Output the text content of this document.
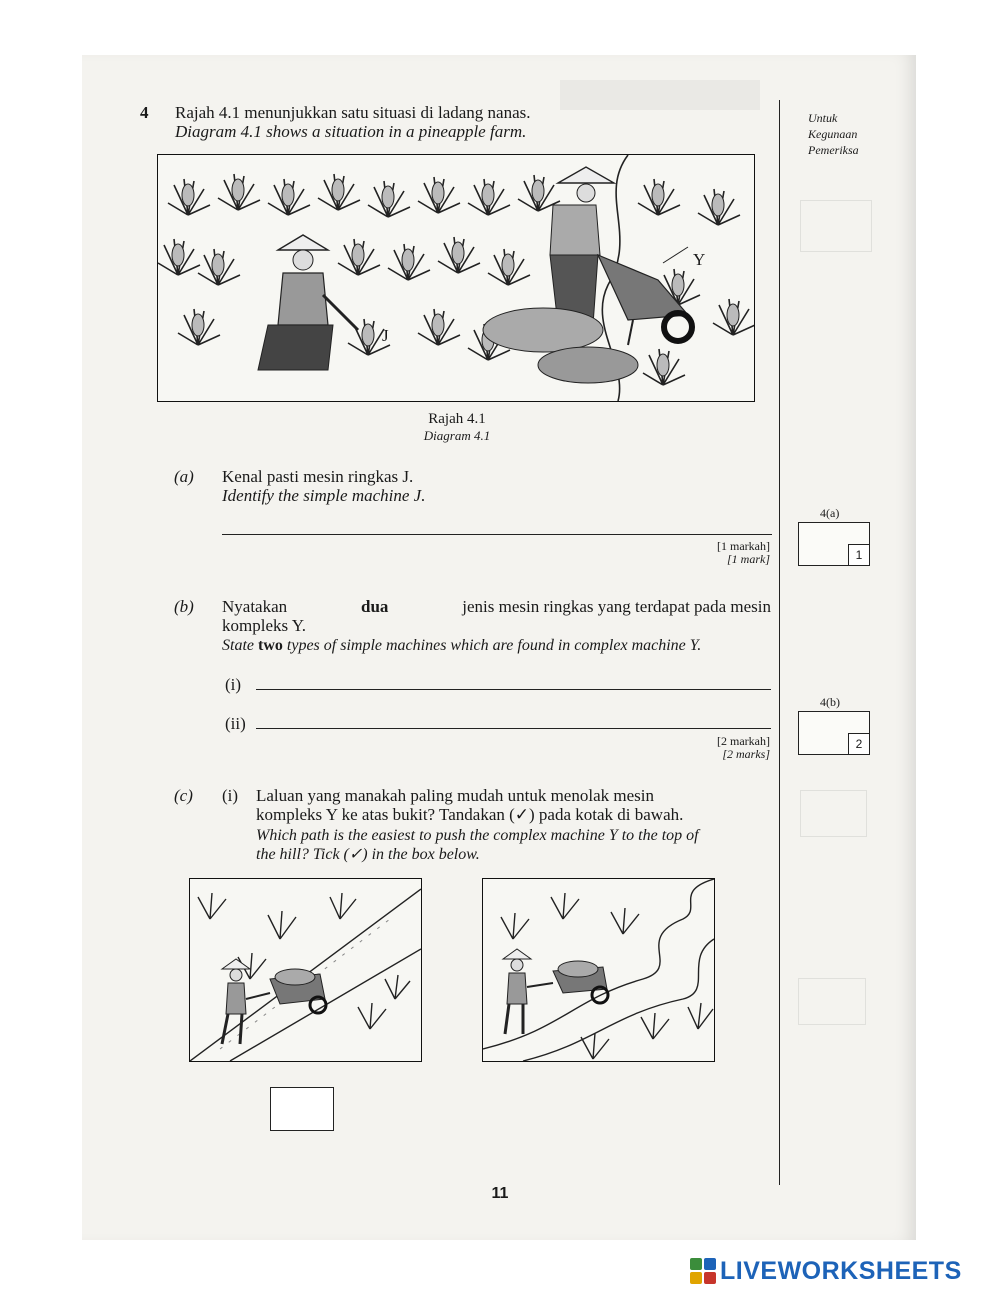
4 Rajah 4.1 menunjukkan satu situasi di ladang nanas.
Diagram 4.1 shows a situation in a pineapple farm.
Untuk
Kegunaan
Pemeriksa
J
Y
Rajah 4.1
Diagram 4.1
(a) Kenal pasti mesin ringkas J.
Identify the simple machine J.
[1 markah]
[1 mark]
4(a)
1
(b) Nyatakan	dua	jenis mesin ringkas yang terdapat pada mesin
kompleks Y.
State two types of simple machines which are found in complex machine Y.
(i)
(ii)
[2 markah]
[2 marks]
4(b)
2
(c) (i) Laluan yang manakah paling mudah untuk menolak mesin
kompleks Y ke atas bukit? Tandakan (✓) pada kotak di bawah.
Which path is the easiest to push the complex machine Y to the top of
the hill? Tick (✓) in the box below.
11
LIVEWORKSHEETS
